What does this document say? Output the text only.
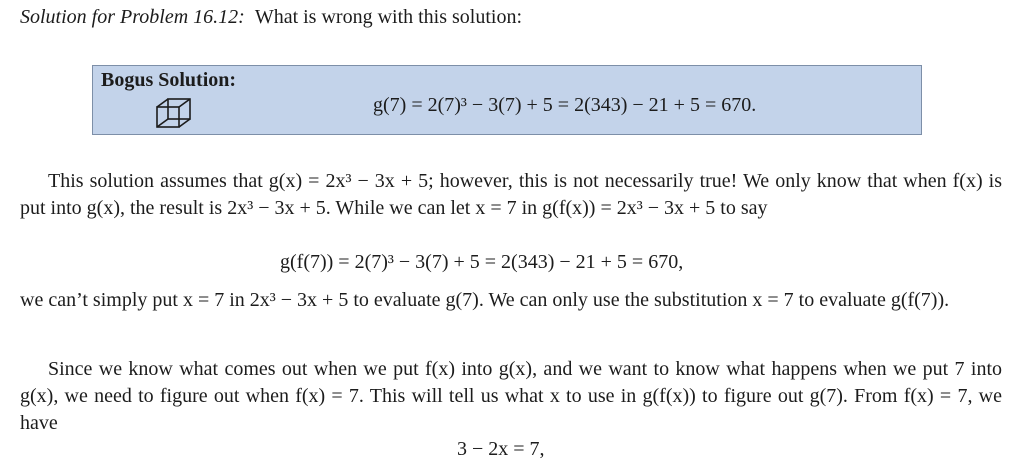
Solution for Problem 16.12: What is wrong with this solution:
Bogus Solution:
g(7) = 2(7)³ − 3(7) + 5 = 2(343) − 21 + 5 = 670.

This solution assumes that g(x) = 2x³ − 3x + 5; however, this is not necessarily true! We only know that when f(x) is put into g(x), the result is 2x³ − 3x + 5. While we can let x = 7 in g(f(x)) = 2x³ − 3x + 5 to say

g(f(7)) = 2(7)³ − 3(7) + 5 = 2(343) − 21 + 5 = 670,

we can’t simply put x = 7 in 2x³ − 3x + 5 to evaluate g(7). We can only use the substitution x = 7 to evaluate g(f(7)).

Since we know what comes out when we put f(x) into g(x), and we want to know what happens when we put 7 into g(x), we need to figure out when f(x) = 7. This will tell us what x to use in g(f(x)) to figure out g(7). From f(x) = 7, we have

3 − 2x = 7,
